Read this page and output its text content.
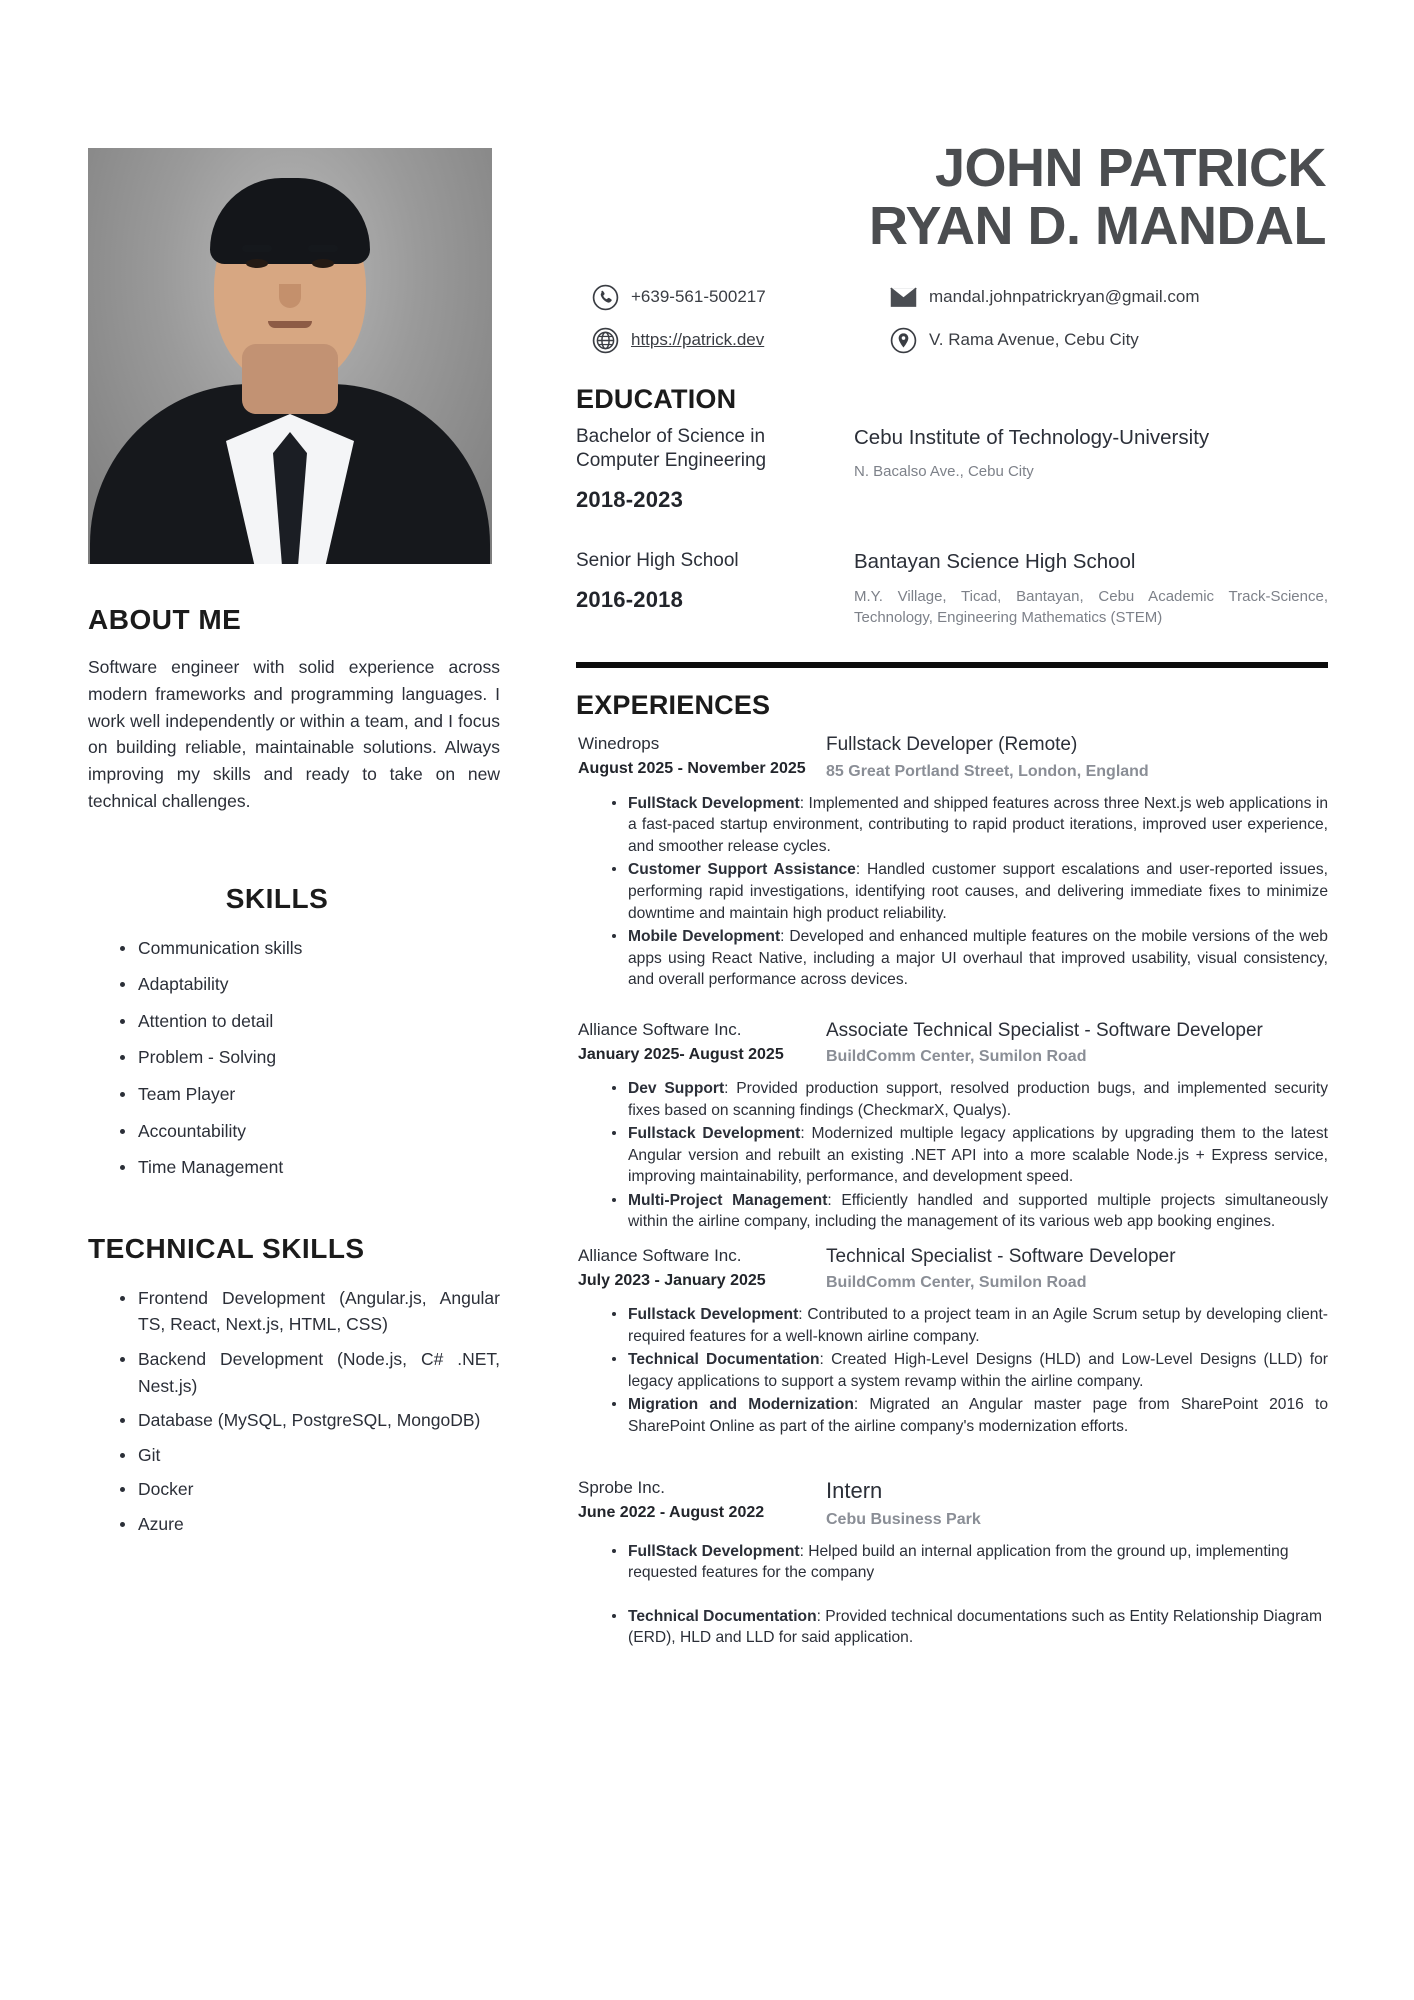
ABOUT ME
Software engineer with solid experience across modern frameworks and programming languages. I work well independently or within a team, and I focus on building reliable, maintainable solutions. Always improving my skills and ready to take on new technical challenges.
SKILLS
Communication skills
Adaptability
Attention to detail
Problem - Solving
Team Player
Accountability
Time Management
TECHNICAL SKILLS
Frontend Development (Angular.js, Angular TS, React, Next.js, HTML, CSS)
Backend Development (Node.js, C# .NET, Nest.js)
Database (MySQL, PostgreSQL, MongoDB)
Git
Docker
Azure
JOHN PATRICK
RYAN D. MANDAL
+639-561-500217	mandal.johnpatrickryan@gmail.com
https://patrick.dev	V. Rama Avenue, Cebu City
EDUCATION
Bachelor of Science in Computer Engineering
2018-2023
Cebu Institute of Technology-University
N. Bacalso Ave., Cebu City
Senior High School
2016-2018
Bantayan Science High School
M.Y. Village, Ticad, Bantayan, Cebu Academic Track-Science, Technology, Engineering Mathematics (STEM)
EXPERIENCES
Winedrops
August 2025 - November 2025
Fullstack Developer (Remote)
85 Great Portland Street, London, England
FullStack Development: Implemented and shipped features across three Next.js web applications in a fast-paced startup environment, contributing to rapid product iterations, improved user experience, and smoother release cycles.
Customer Support Assistance: Handled customer support escalations and user-reported issues, performing rapid investigations, identifying root causes, and delivering immediate fixes to minimize downtime and maintain high product reliability.
Mobile Development: Developed and enhanced multiple features on the mobile versions of the web apps using React Native, including a major UI overhaul that improved usability, visual consistency, and overall performance across devices.
Alliance Software Inc.
January 2025- August 2025
Associate Technical Specialist - Software Developer
BuildComm Center, Sumilon Road
Dev Support: Provided production support, resolved production bugs, and implemented security fixes based on scanning findings (CheckmarX, Qualys).
Fullstack Development: Modernized multiple legacy applications by upgrading them to the latest Angular version and rebuilt an existing .NET API into a more scalable Node.js + Express service, improving maintainability, performance, and development speed.
Multi-Project Management: Efficiently handled and supported multiple projects simultaneously within the airline company, including the management of its various web app booking engines.
Alliance Software Inc.
July 2023 - January 2025
Technical Specialist - Software Developer
BuildComm Center, Sumilon Road
Fullstack Development: Contributed to a project team in an Agile Scrum setup by developing client-required features for a well-known airline company.
Technical Documentation: Created High-Level Designs (HLD) and Low-Level Designs (LLD) for legacy applications to support a system revamp within the airline company.
Migration and Modernization: Migrated an Angular master page from SharePoint 2016 to SharePoint Online as part of the airline company's modernization efforts.
Sprobe Inc.
June 2022 - August 2022
Intern
Cebu Business Park
FullStack Development: Helped build an internal application from the ground up, implementing requested features for the company
Technical Documentation: Provided technical documentations such as Entity Relationship Diagram (ERD), HLD and LLD for said application.
